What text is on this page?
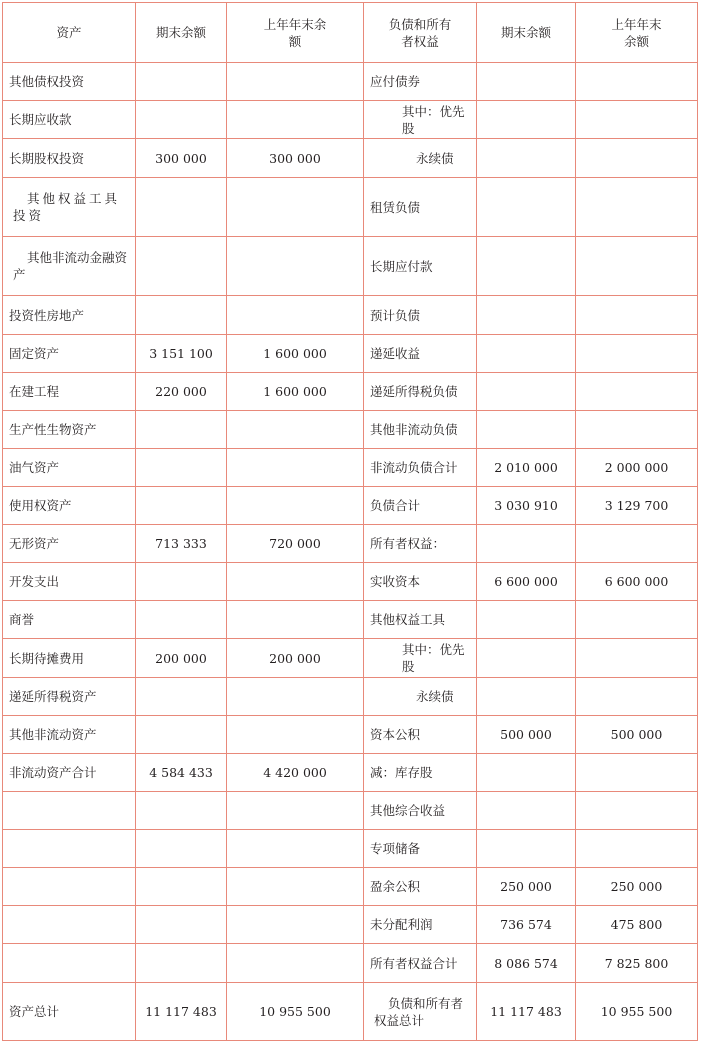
资产	期末余额	上年年末余额	负债和所有者权益	期末余额	上年年末余额
其他债权投资			应付债券		
长期应收款			其中：优先股		
长期股权投资	300 000	300 000	永续债		
其他权益工具投资			租赁负债		
其他非流动金融资产			长期应付款		
投资性房地产			预计负债		
固定资产	3 151 100	1 600 000	递延收益		
在建工程	220 000	1 600 000	递延所得税负债		
生产性生物资产			其他非流动负债		
油气资产			非流动负债合计	2 010 000	2 000 000
使用权资产			负债合计	3 030 910	3 129 700
无形资产	713 333	720 000	所有者权益：		
开发支出			实收资本	6 600 000	6 600 000
商誉			其他权益工具		
长期待摊费用	200 000	200 000	其中：优先股		
递延所得税资产			永续债		
其他非流动资产			资本公积	500 000	500 000
非流动资产合计	4 584 433	4 420 000	减：库存股		
			其他综合收益		
			专项储备		
			盈余公积	250 000	250 000
			未分配利润	736 574	475 800
			所有者权益合计	8 086 574	7 825 800
资产总计	11 117 483	10 955 500	负债和所有者权益总计	11 117 483	10 955 500
